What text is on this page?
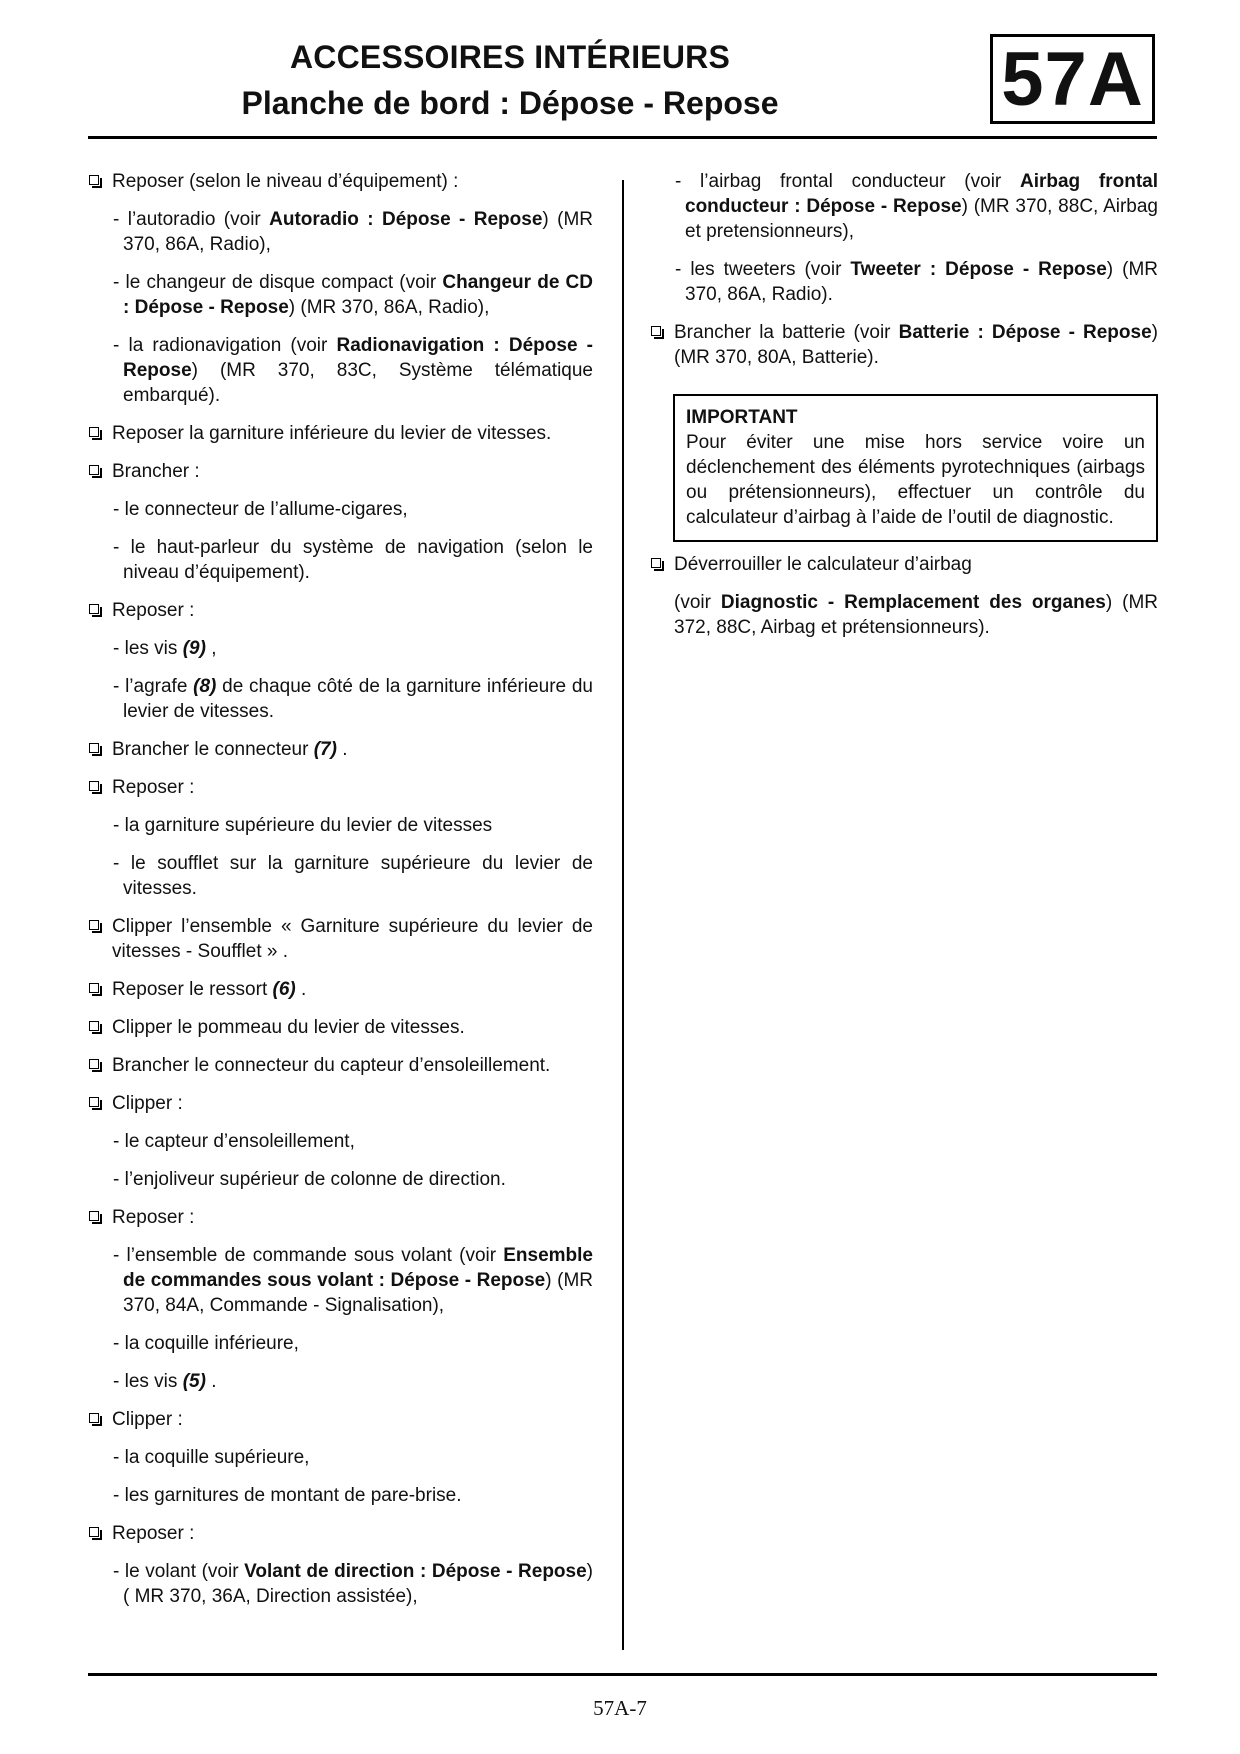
ACCESSOIRES INTÉRIEURS
Planche de bord : Dépose - Repose	57A
Reposer (selon le niveau d’équipement) :
- l’autoradio (voir Autoradio : Dépose - Repose) (MR 370, 86A, Radio),
- le changeur de disque compact (voir Changeur de CD : Dépose - Repose) (MR 370, 86A, Radio),
- la radionavigation (voir Radionavigation : Dépose - Repose) (MR 370, 83C, Système télématique embarqué).
Reposer la garniture inférieure du levier de vitesses.
Brancher :
- le connecteur de l’allume-cigares,
- le haut-parleur du système de navigation (selon le niveau d’équipement).
Reposer :
- les vis (9) ,
- l’agrafe (8) de chaque côté de la garniture inférieure du levier de vitesses.
Brancher le connecteur (7) .
Reposer :
- la garniture supérieure du levier de vitesses
- le soufflet sur la garniture supérieure du levier de vitesses.
Clipper l’ensemble « Garniture supérieure du levier de vitesses - Soufflet » .
Reposer le ressort (6) .
Clipper le pommeau du levier de vitesses.
Brancher le connecteur du capteur d’ensoleillement.
Clipper :
- le capteur d’ensoleillement,
- l’enjoliveur supérieur de colonne de direction.
Reposer :
- l’ensemble de commande sous volant (voir Ensemble de commandes sous volant : Dépose - Repose) (MR 370, 84A, Commande - Signalisation),
- la coquille inférieure,
- les vis (5) .
Clipper :
- la coquille supérieure,
- les garnitures de montant de pare-brise.
Reposer :
- le volant (voir Volant de direction : Dépose - Repose) ( MR 370, 36A, Direction assistée),
- l’airbag frontal conducteur (voir Airbag frontal conducteur : Dépose - Repose) (MR 370, 88C, Airbag et pretensionneurs),
- les tweeters (voir Tweeter : Dépose - Repose) (MR 370, 86A, Radio).
Brancher la batterie (voir Batterie : Dépose - Repose) (MR 370, 80A, Batterie).
IMPORTANT
Pour éviter une mise hors service voire un déclenchement des éléments pyrotechniques (airbags ou prétensionneurs), effectuer un contrôle du calculateur d’airbag à l’aide de l’outil de diagnostic.
Déverrouiller le calculateur d’airbag
(voir Diagnostic - Remplacement des organes) (MR 372, 88C, Airbag et prétensionneurs).
57A-7
